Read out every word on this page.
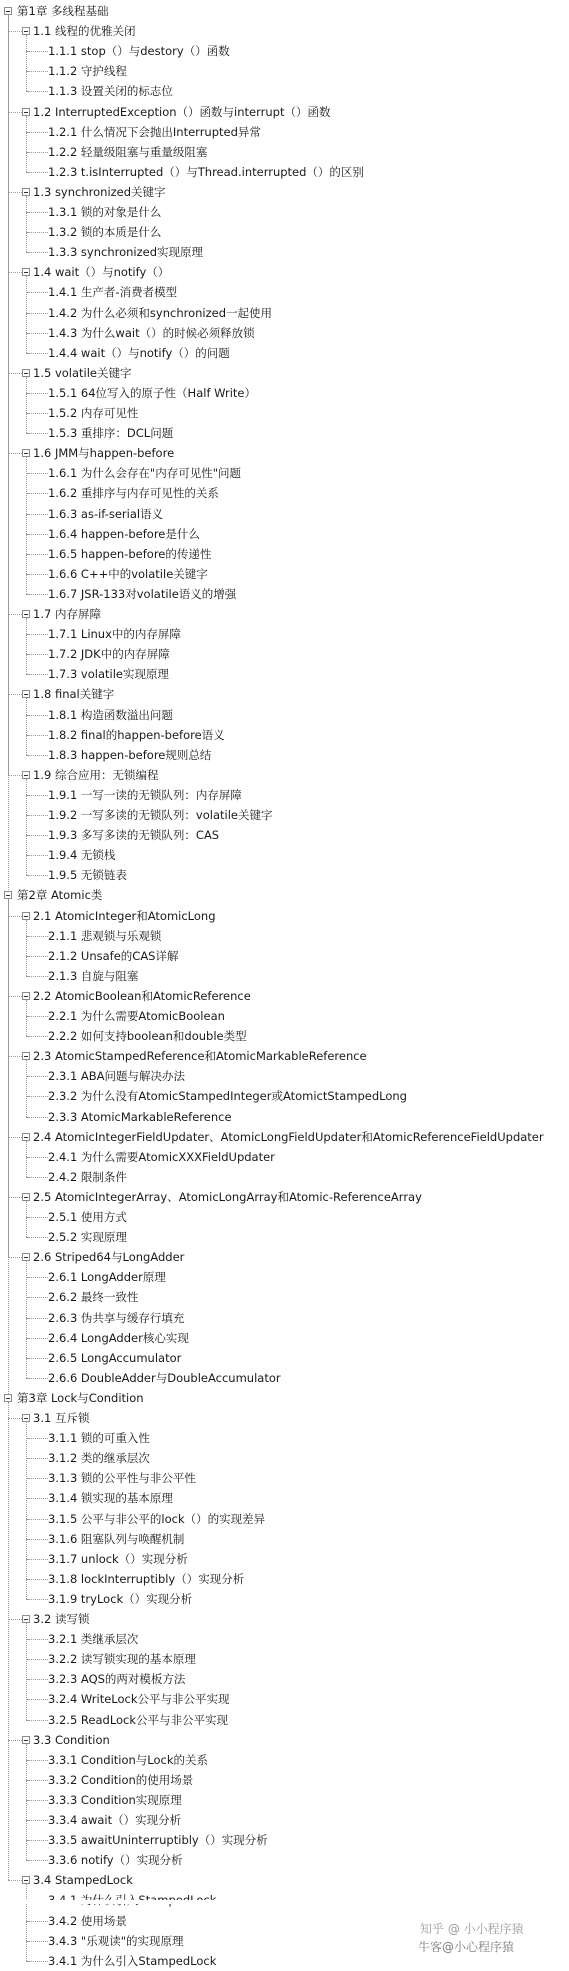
第1章 多线程基础
1.1 线程的优雅关闭
1.1.1 stop（）与destory（）函数
1.1.2 守护线程
1.1.3 设置关闭的标志位
1.2 InterruptedException（）函数与interrupt（）函数
1.2.1 什么情况下会抛出Interrupted异常
1.2.2 轻量级阻塞与重量级阻塞
1.2.3 t.isInterrupted（）与Thread.interrupted（）的区别
1.3 synchronized关键字
1.3.1 锁的对象是什么
1.3.2 锁的本质是什么
1.3.3 synchronized实现原理
1.4 wait（）与notify（）
1.4.1 生产者-消费者模型
1.4.2 为什么必须和synchronized一起使用
1.4.3 为什么wait（）的时候必须释放锁
1.4.4 wait（）与notify（）的问题
1.5 volatile关键字
1.5.1 64位写入的原子性（Half Write）
1.5.2 内存可见性
1.5.3 重排序：DCL问题
1.6 JMM与happen-before
1.6.1 为什么会存在"内存可见性"问题
1.6.2 重排序与内存可见性的关系
1.6.3 as-if-serial语义
1.6.4 happen-before是什么
1.6.5 happen-before的传递性
1.6.6 C++中的volatile关键字
1.6.7 JSR-133对volatile语义的增强
1.7 内存屏障
1.7.1 Linux中的内存屏障
1.7.2 JDK中的内存屏障
1.7.3 volatile实现原理
1.8 final关键字
1.8.1 构造函数溢出问题
1.8.2 final的happen-before语义
1.8.3 happen-before规则总结
1.9 综合应用：无锁编程
1.9.1 一写一读的无锁队列：内存屏障
1.9.2 一写多读的无锁队列：volatile关键字
1.9.3 多写多读的无锁队列：CAS
1.9.4 无锁栈
1.9.5 无锁链表
第2章 Atomic类
2.1 AtomicInteger和AtomicLong
2.1.1 悲观锁与乐观锁
2.1.2 Unsafe的CAS详解
2.1.3 自旋与阻塞
2.2 AtomicBoolean和AtomicReference
2.2.1 为什么需要AtomicBoolean
2.2.2 如何支持boolean和double类型
2.3 AtomicStampedReference和AtomicMarkableReference
2.3.1 ABA问题与解决办法
2.3.2 为什么没有AtomicStampedInteger或AtomictStampedLong
2.3.3 AtomicMarkableReference
2.4 AtomicIntegerFieldUpdater、AtomicLongFieldUpdater和AtomicReferenceFieldUpdater
2.4.1 为什么需要AtomicXXXFieldUpdater
2.4.2 限制条件
2.5 AtomicIntegerArray、AtomicLongArray和Atomic-ReferenceArray
2.5.1 使用方式
2.5.2 实现原理
2.6 Striped64与LongAdder
2.6.1 LongAdder原理
2.6.2 最终一致性
2.6.3 伪共享与缓存行填充
2.6.4 LongAdder核心实现
2.6.5 LongAccumulator
2.6.6 DoubleAdder与DoubleAccumulator
第3章 Lock与Condition
3.1 互斥锁
3.1.1 锁的可重入性
3.1.2 类的继承层次
3.1.3 锁的公平性与非公平性
3.1.4 锁实现的基本原理
3.1.5 公平与非公平的lock（）的实现差异
3.1.6 阻塞队列与唤醒机制
3.1.7 unlock（）实现分析
3.1.8 lockInterruptibly（）实现分析
3.1.9 tryLock（）实现分析
3.2 读写锁
3.2.1 类继承层次
3.2.2 读写锁实现的基本原理
3.2.3 AQS的两对模板方法
3.2.4 WriteLock公平与非公平实现
3.2.5 ReadLock公平与非公平实现
3.3 Condition
3.3.1 Condition与Lock的关系
3.3.2 Condition的使用场景
3.3.3 Condition实现原理
3.3.4 await（）实现分析
3.3.5 awaitUninterruptibly（）实现分析
3.3.6 notify（）实现分析
3.4 StampedLock
3.4.2 使用场景
3.4.3 "乐观读"的实现原理
3.4.1 为什么引入StampedLock
知乎 @ 小小程序猿
牛客@小心程序猿
